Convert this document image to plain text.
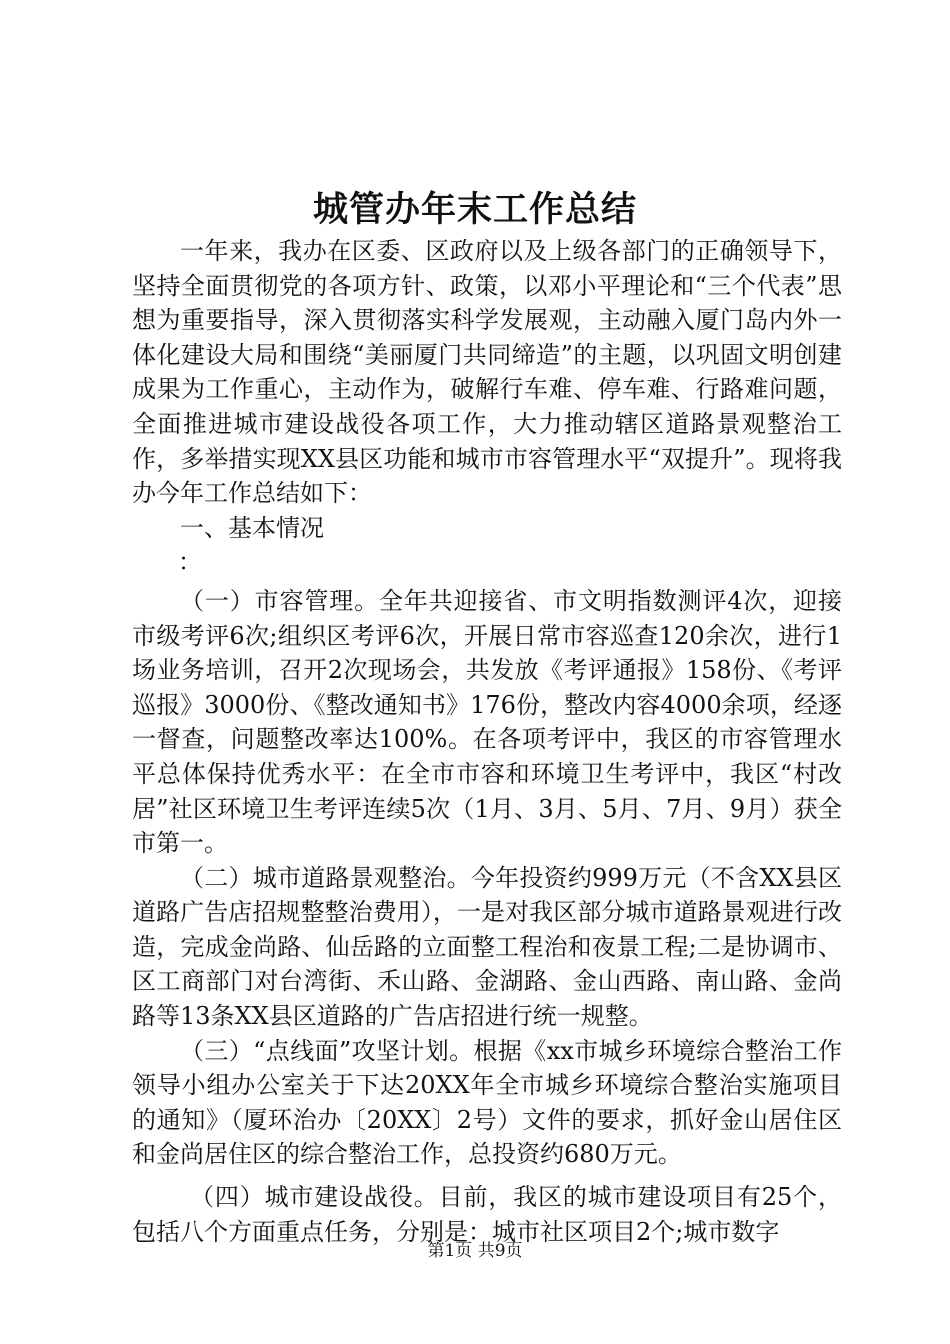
城管办年末工作总结

一年来，我办在区委、区政府以及上级各部门的正确领导下，坚持全面贯彻党的各项方针、政策，以邓小平理论和“三个代表”思想为重要指导，深入贯彻落实科学发展观，主动融入厦门岛内外一体化建设大局和围绕“美丽厦门共同缔造”的主题，以巩固文明创建成果为工作重心，主动作为，破解行车难、停车难、行路难问题，全面推进城市建设战役各项工作，大力推动辖区道路景观整治工作，多举措实现XX县区功能和城市市容管理水平“双提升”。现将我办今年工作总结如下：

一、基本情况

：

（一）市容管理。全年共迎接省、市文明指数测评4次，迎接市级考评6次;组织区考评6次，开展日常市容巡查120余次，进行1场业务培训，召开2次现场会，共发放《考评通报》158份、《考评巡报》3000份、《整改通知书》176份，整改内容4000余项，经逐一督查，问题整改率达100%。在各项考评中，我区的市容管理水平总体保持优秀水平：在全市市容和环境卫生考评中，我区“村改居”社区环境卫生考评连续5次（1月、3月、5月、7月、9月）获全市第一。

（二）城市道路景观整治。今年投资约999万元（不含XX县区道路广告店招规整整治费用），一是对我区部分城市道路景观进行改造，完成金尚路、仙岳路的立面整工程治和夜景工程;二是协调市、区工商部门对台湾街、禾山路、金湖路、金山西路、南山路、金尚路等13条XX县区道路的广告店招进行统一规整。

（三）“点线面”攻坚计划。根据《xx市城乡环境综合整治工作领导小组办公室关于下达20XX年全市城乡环境综合整治实施项目的通知》（厦环治办〔20XX〕2号）文件的要求，抓好金山居住区和金尚居住区的综合整治工作，总投资约680万元。

（四）城市建设战役。目前，我区的城市建设项目有25个，包括八个方面重点任务，分别是：城市社区项目2个;城市数字

第1页 共9页
